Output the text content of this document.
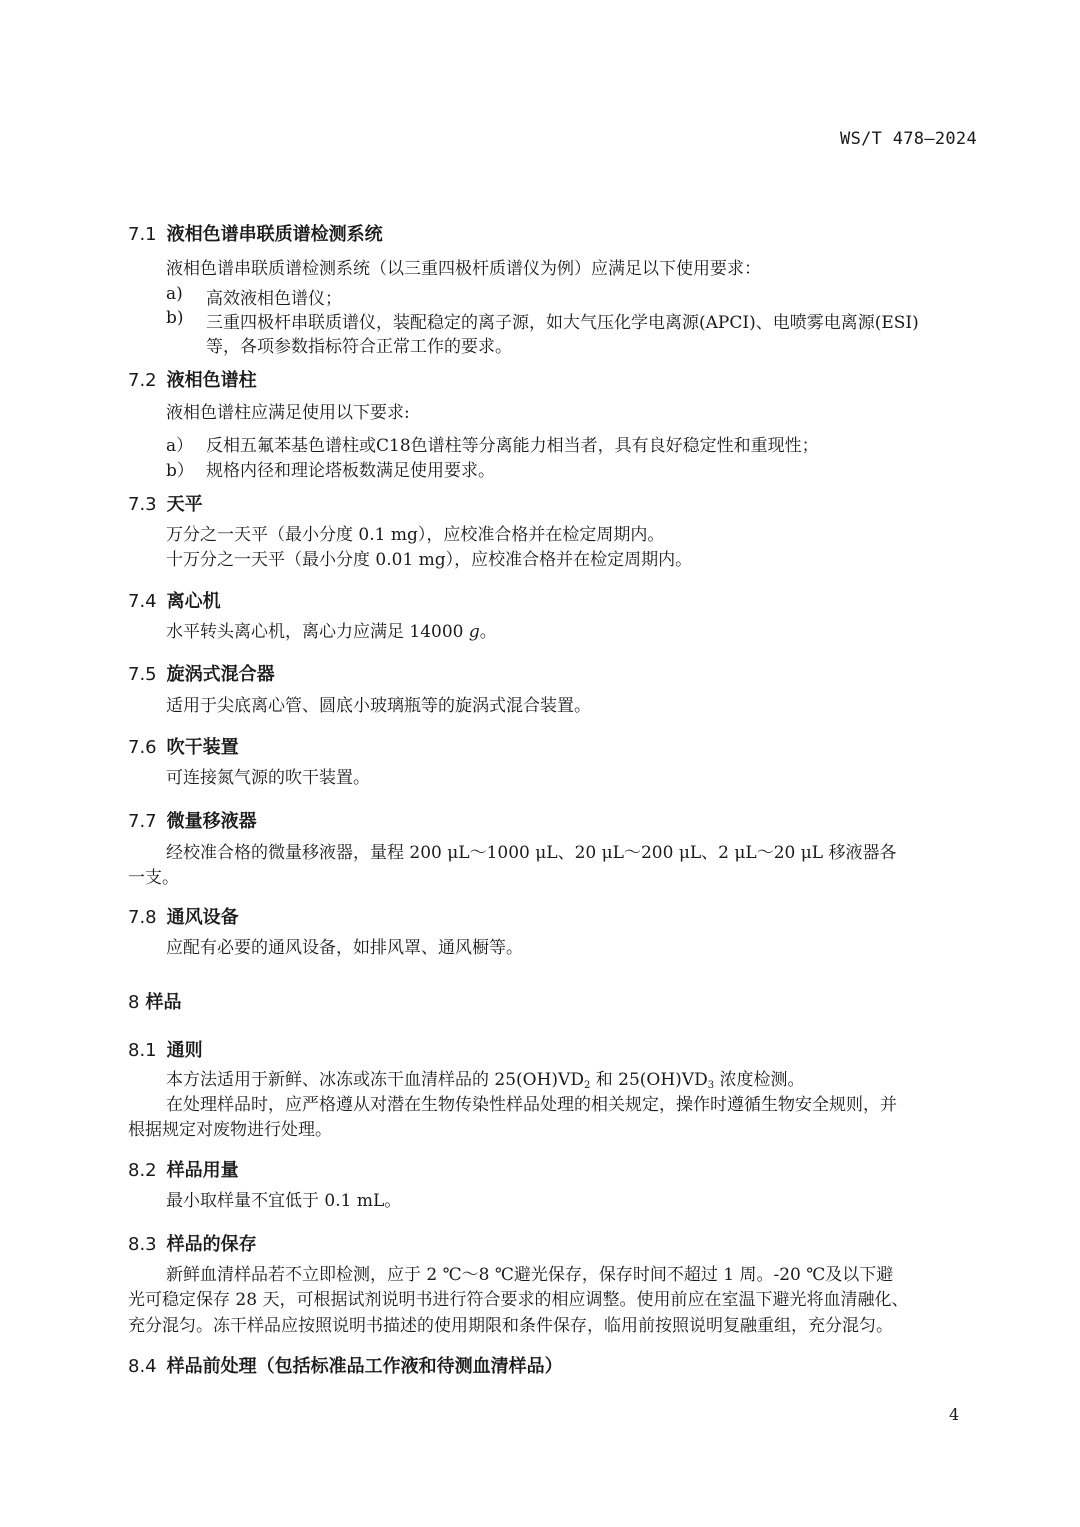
WS/T 478—2024
7.1 液相色谱串联质谱检测系统
液相色谱串联质谱检测系统（以三重四极杆质谱仪为例）应满足以下使用要求：
a) 高效液相色谱仪；
b) 三重四极杆串联质谱仪，装配稳定的离子源，如大气压化学电离源(APCI)、电喷雾电离源(ESI)
等，各项参数指标符合正常工作的要求。
7.2 液相色谱柱
液相色谱柱应满足使用以下要求:
a） 反相五氟苯基色谱柱或C18色谱柱等分离能力相当者，具有良好稳定性和重现性；
b） 规格内径和理论塔板数满足使用要求。
7.3 天平
万分之一天平（最小分度 0.1 mg），应校准合格并在检定周期内。
十万分之一天平（最小分度 0.01 mg），应校准合格并在检定周期内。
7.4 离心机
水平转头离心机，离心力应满足 14000 g。
7.5 旋涡式混合器
适用于尖底离心管、圆底小玻璃瓶等的旋涡式混合装置。
7.6 吹干装置
可连接氮气源的吹干装置。
7.7 微量移液器
经校准合格的微量移液器，量程 200 μL～1000 μL、20 μL～200 μL、2 μL～20 μL 移液器各
一支。
7.8 通风设备
应配有必要的通风设备，如排风罩、通风橱等。
8 样品
8.1 通则
本方法适用于新鲜、冰冻或冻干血清样品的 $25(OH)VD_2$ 和 $25(OH)VD_3$ 浓度检测。
在处理样品时，应严格遵从对潜在生物传染性样品处理的相关规定，操作时遵循生物安全规则，并
根据规定对废物进行处理。
8.2 样品用量
最小取样量不宜低于 0.1 mL。
8.3 样品的保存
新鲜血清样品若不立即检测，应于 2 ℃～8 ℃避光保存，保存时间不超过 1 周。-20 ℃及以下避
光可稳定保存 28 天，可根据试剂说明书进行符合要求的相应调整。使用前应在室温下避光将血清融化、
充分混匀。冻干样品应按照说明书描述的使用期限和条件保存，临用前按照说明复融重组，充分混匀。
8.4 样品前处理（包括标准品工作液和待测血清样品）
4
